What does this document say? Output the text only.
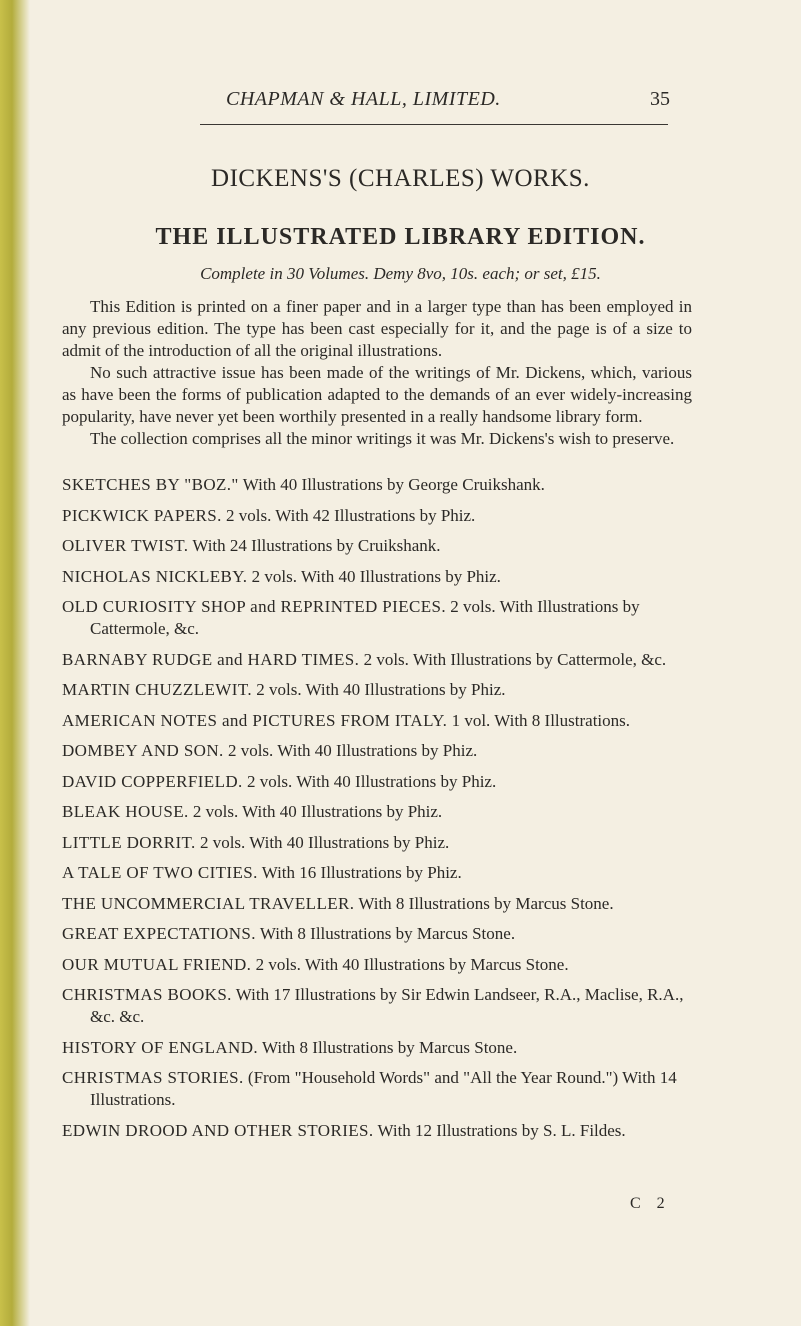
CHAPMAN & HALL, LIMITED.	35
DICKENS'S (CHARLES) WORKS.
THE ILLUSTRATED LIBRARY EDITION.
Complete in 30 Volumes. Demy 8vo, 10s. each; or set, £15.

This Edition is printed on a finer paper and in a larger type than has been employed in any previous edition. The type has been cast especially for it, and the page is of a size to admit of the introduction of all the original illustrations.

No such attractive issue has been made of the writings of Mr. Dickens, which, various as have been the forms of publication adapted to the demands of an ever widely-increasing popularity, have never yet been worthily presented in a really handsome library form.

The collection comprises all the minor writings it was Mr. Dickens's wish to preserve.

SKETCHES BY "BOZ." With 40 Illustrations by George Cruikshank.
PICKWICK PAPERS. 2 vols. With 42 Illustrations by Phiz.
OLIVER TWIST. With 24 Illustrations by Cruikshank.
NICHOLAS NICKLEBY. 2 vols. With 40 Illustrations by Phiz.
OLD CURIOSITY SHOP and REPRINTED PIECES. 2 vols. With Illustrations by Cattermole, &c.
BARNABY RUDGE and HARD TIMES. 2 vols. With Illustrations by Cattermole, &c.
MARTIN CHUZZLEWIT. 2 vols. With 40 Illustrations by Phiz.
AMERICAN NOTES and PICTURES FROM ITALY. 1 vol. With 8 Illustrations.
DOMBEY AND SON. 2 vols. With 40 Illustrations by Phiz.
DAVID COPPERFIELD. 2 vols. With 40 Illustrations by Phiz.
BLEAK HOUSE. 2 vols. With 40 Illustrations by Phiz.
LITTLE DORRIT. 2 vols. With 40 Illustrations by Phiz.
A TALE OF TWO CITIES. With 16 Illustrations by Phiz.
THE UNCOMMERCIAL TRAVELLER. With 8 Illustrations by Marcus Stone.
GREAT EXPECTATIONS. With 8 Illustrations by Marcus Stone.
OUR MUTUAL FRIEND. 2 vols. With 40 Illustrations by Marcus Stone.
CHRISTMAS BOOKS. With 17 Illustrations by Sir Edwin Landseer, R.A., Maclise, R.A., &c. &c.
HISTORY OF ENGLAND. With 8 Illustrations by Marcus Stone.
CHRISTMAS STORIES. (From "Household Words" and "All the Year Round.") With 14 Illustrations.
EDWIN DROOD AND OTHER STORIES. With 12 Illustrations by S. L. Fildes.
C 2
